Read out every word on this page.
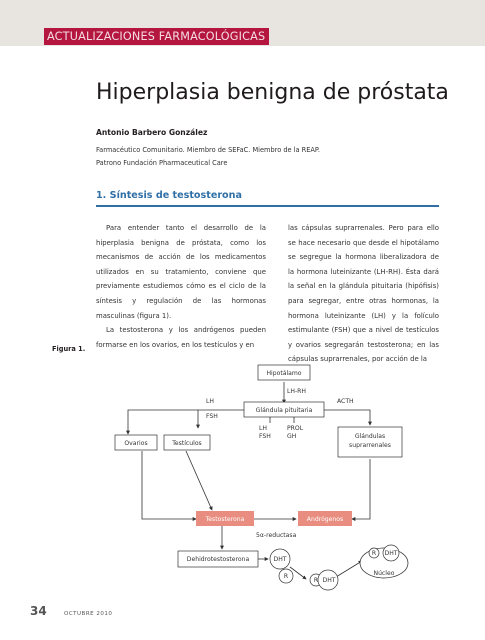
ACTUALIZACIONES FARMACOLÓGICAS
Hiperplasia benigna de próstata
Antonio Barbero González
Farmacéutico Comunitario. Miembro de SEFaC. Miembro de la REAP.
Patrono Fundación Pharmaceutical Care
1. Síntesis de testosterona

Para entender tanto el desarrollo de la hiperplasia benigna de próstata, como los mecanismos de acción de los medicamentos utilizados en su tratamiento, conviene que previamente estudiemos cómo es el ciclo de la síntesis y regulación de las hormonas masculinas (figura 1).

La testosterona y los andrógenos pueden formarse en los ovarios, en los testículos y en

las cápsulas suprarrenales. Pero para ello se hace necesario que desde el hipotálamo se segregue la hormona liberalizadora de la hormona luteinizante (LH-RH). Ésta dará la señal en la glándula pituitaria (hipófisis) para segregar, entre otras hormonas, la hormona luteinizante (LH) y la folículo estimulante (FSH) que a nivel de testículos y ovarios segregarán testosterona; en las cápsulas suprarrenales, por acción de la

Figura 1.
Hipotálamo
Glándula pituitaria
Ovarios	Testículos
Glándulas
suprarrenales
Testosterona	Andrógenos
Dehidrotestosterona	DHT
R
R DHT
R DHT
Núcleo
LH-RH
LH
FSH
ACTH
LH
FSH
PROL
GH
5α-reductasa
34	OCTUBRE 2010
